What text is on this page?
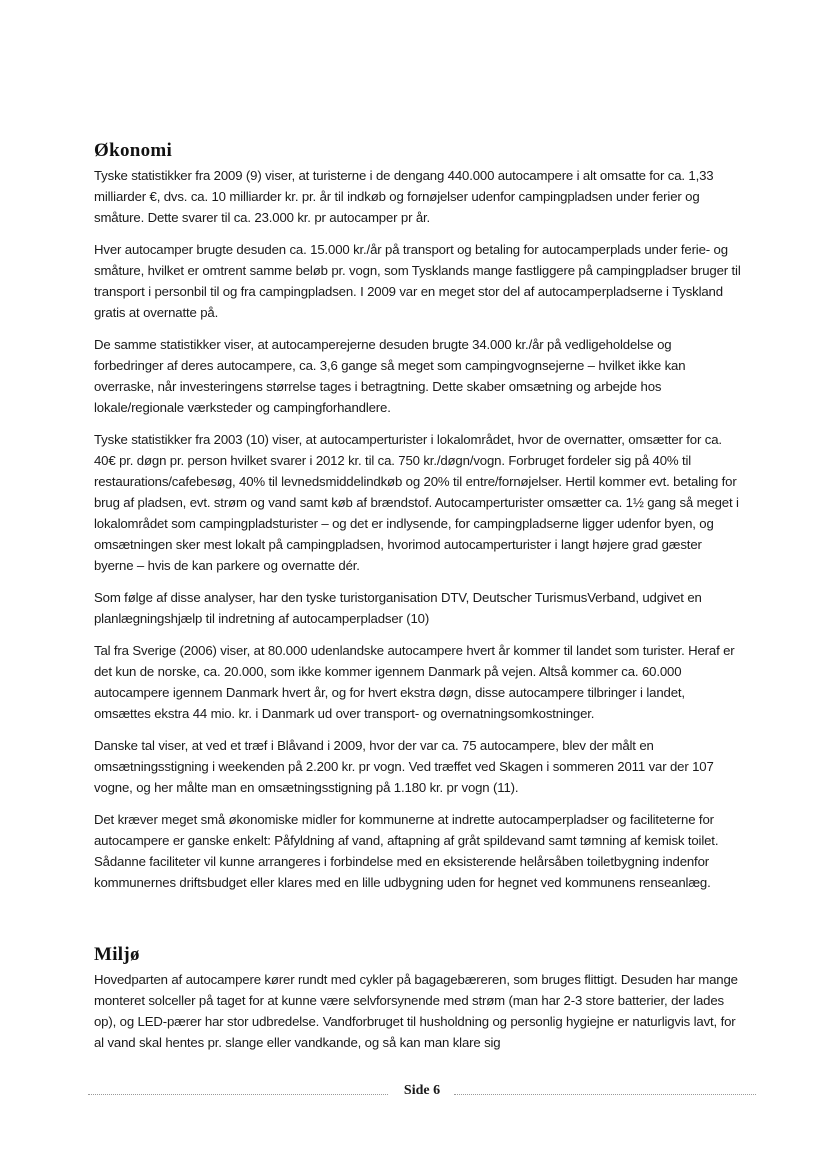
Økonomi

Tyske statistikker fra 2009 (9) viser, at turisterne i de dengang 440.000 autocampere i alt omsatte for ca. 1,33 milliarder €, dvs. ca. 10 milliarder kr. pr. år til indkøb og fornøjelser udenfor campingpladsen under ferier og småture. Dette svarer til ca. 23.000 kr. pr autocamper pr år.

Hver autocamper brugte desuden ca. 15.000 kr./år på transport og betaling for autocamperplads under ferie- og småture, hvilket er omtrent samme beløb pr. vogn, som Tysklands mange fastliggere på campingpladser bruger til transport i personbil til og fra campingpladsen. I 2009 var en meget stor del af autocamperpladserne i Tyskland gratis at overnatte på.

De samme statistikker viser, at autocamperejerne desuden brugte 34.000 kr./år på vedligeholdelse og forbedringer af deres autocampere, ca. 3,6 gange så meget som campingvognsejerne – hvilket ikke kan overraske, når investeringens størrelse tages i betragtning. Dette skaber omsætning og arbejde hos lokale/regionale værksteder og campingforhandlere.

Tyske statistikker fra 2003 (10) viser, at autocamperturister i lokalområdet, hvor de overnatter, omsætter for ca. 40€ pr. døgn pr. person hvilket svarer i 2012 kr. til ca. 750 kr./døgn/vogn. Forbruget fordeler sig på 40% til restaurations/cafebesøg, 40% til levnedsmiddelindkøb og 20% til entre/fornøjelser. Hertil kommer evt. betaling for brug af pladsen, evt. strøm og vand samt køb af brændstof. Autocamperturister omsætter ca. 1½ gang så meget i lokalområdet som campingpladsturister – og det er indlysende, for campingpladserne ligger udenfor byen, og omsætningen sker mest lokalt på campingpladsen, hvorimod autocamperturister i langt højere grad gæster byerne – hvis de kan parkere og overnatte dér.

Som følge af disse analyser, har den tyske turistorganisation DTV, Deutscher TurismusVerband, udgivet en planlægningshjælp til indretning af autocamperpladser (10)

Tal fra Sverige (2006) viser, at 80.000 udenlandske autocampere hvert år kommer til landet som turister. Heraf er det kun de norske, ca. 20.000, som ikke kommer igennem Danmark på vejen. Altså kommer ca. 60.000 autocampere igennem Danmark hvert år, og for hvert ekstra døgn, disse autocampere tilbringer i landet, omsættes ekstra 44 mio. kr. i Danmark ud over transport- og overnatningsomkostninger.

Danske tal viser, at ved et træf i Blåvand i 2009, hvor der var ca. 75 autocampere, blev der målt en omsætningsstigning i weekenden på 2.200 kr. pr vogn. Ved træffet ved Skagen i sommeren 2011 var der 107 vogne, og her målte man en omsætningsstigning på 1.180 kr. pr vogn (11).

Det kræver meget små økonomiske midler for kommunerne at indrette autocamperpladser og faciliteterne for autocampere er ganske enkelt: Påfyldning af vand, aftapning af gråt spildevand samt tømning af kemisk toilet. Sådanne faciliteter vil kunne arrangeres i forbindelse med en eksisterende helårsåben toiletbygning indenfor kommunernes driftsbudget eller klares med en lille udbygning uden for hegnet ved kommunens renseanlæg.

Miljø

Hovedparten af autocampere kører rundt med cykler på bagagebæreren, som bruges flittigt. Desuden har mange monteret solceller på taget for at kunne være selvforsynende med strøm (man har 2-3 store batterier, der lades op), og LED-pærer har stor udbredelse. Vandforbruget til husholdning og personlig hygiejne er naturligvis lavt, for al vand skal hentes pr. slange eller vandkande, og så kan man klare sig

Side 6
